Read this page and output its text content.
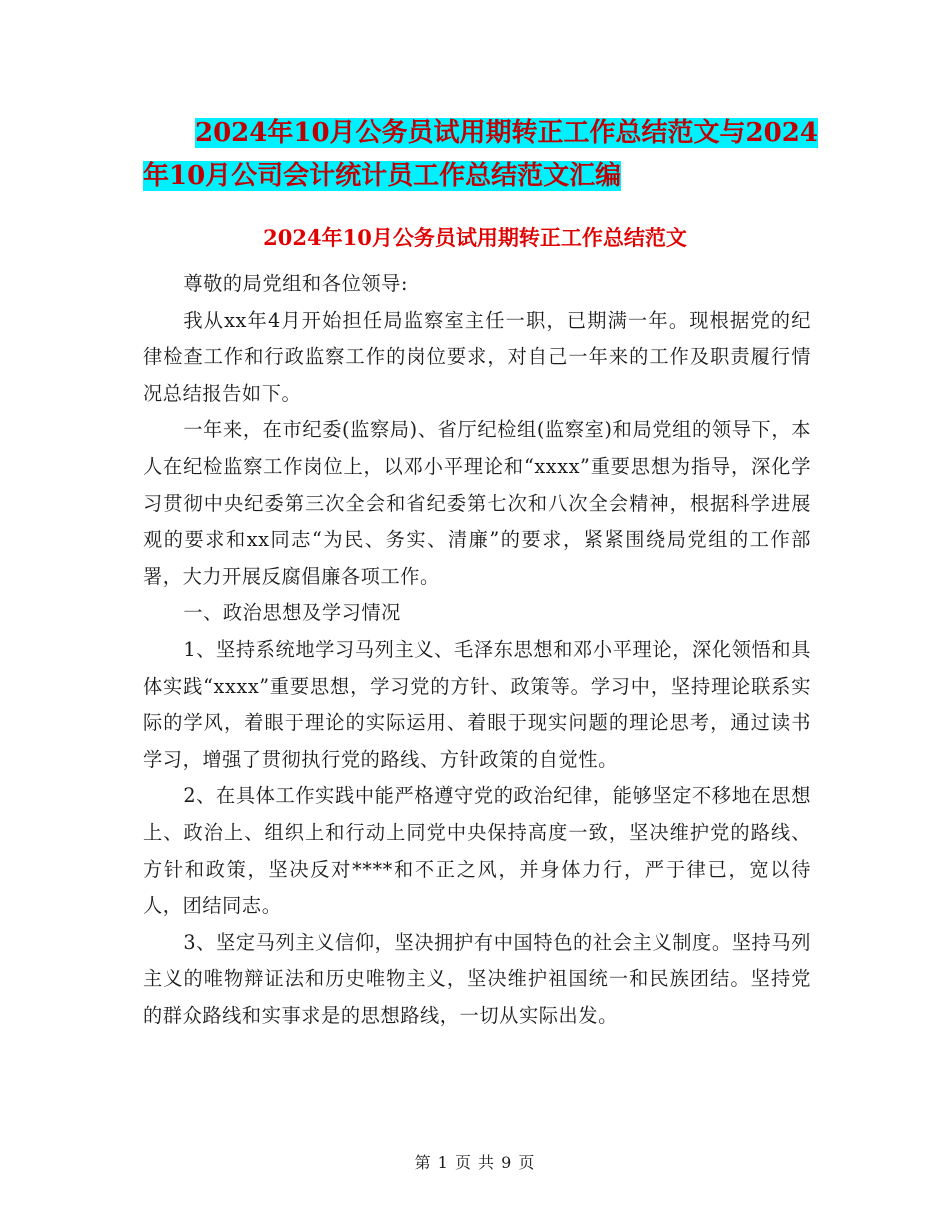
2024年10月公务员试用期转正工作总结范文与2024
年10月公司会计统计员工作总结范文汇编
2024年10月公务员试用期转正工作总结范文

尊敬的局党组和各位领导:

我从xx年4月开始担任局监察室主任一职，已期满一年。现根据党的纪律检查工作和行政监察工作的岗位要求，对自己一年来的工作及职责履行情况总结报告如下。

一年来，在市纪委(监察局)、省厅纪检组(监察室)和局党组的领导下，本人在纪检监察工作岗位上，以邓小平理论和“xxxx”重要思想为指导，深化学习贯彻中央纪委第三次全会和省纪委第七次和八次全会精神，根据科学进展观的要求和xx同志“为民、务实、清廉”的要求，紧紧围绕局党组的工作部署，大力开展反腐倡廉各项工作。

一、政治思想及学习情况

1、坚持系统地学习马列主义、毛泽东思想和邓小平理论，深化领悟和具体实践“xxxx”重要思想，学习党的方针、政策等。学习中，坚持理论联系实际的学风，着眼于理论的实际运用、着眼于现实问题的理论思考，通过读书学习，增强了贯彻执行党的路线、方针政策的自觉性。

2、在具体工作实践中能严格遵守党的政治纪律，能够坚定不移地在思想上、政治上、组织上和行动上同党中央保持高度一致，坚决维护党的路线、方针和政策，坚决反对****和不正之风，并身体力行，严于律已，宽以待人，团结同志。

3、坚定马列主义信仰，坚决拥护有中国特色的社会主义制度。坚持马列主义的唯物辩证法和历史唯物主义，坚决维护祖国统一和民族团结。坚持党的群众路线和实事求是的思想路线，一切从实际出发。

第 1 页 共 9 页
